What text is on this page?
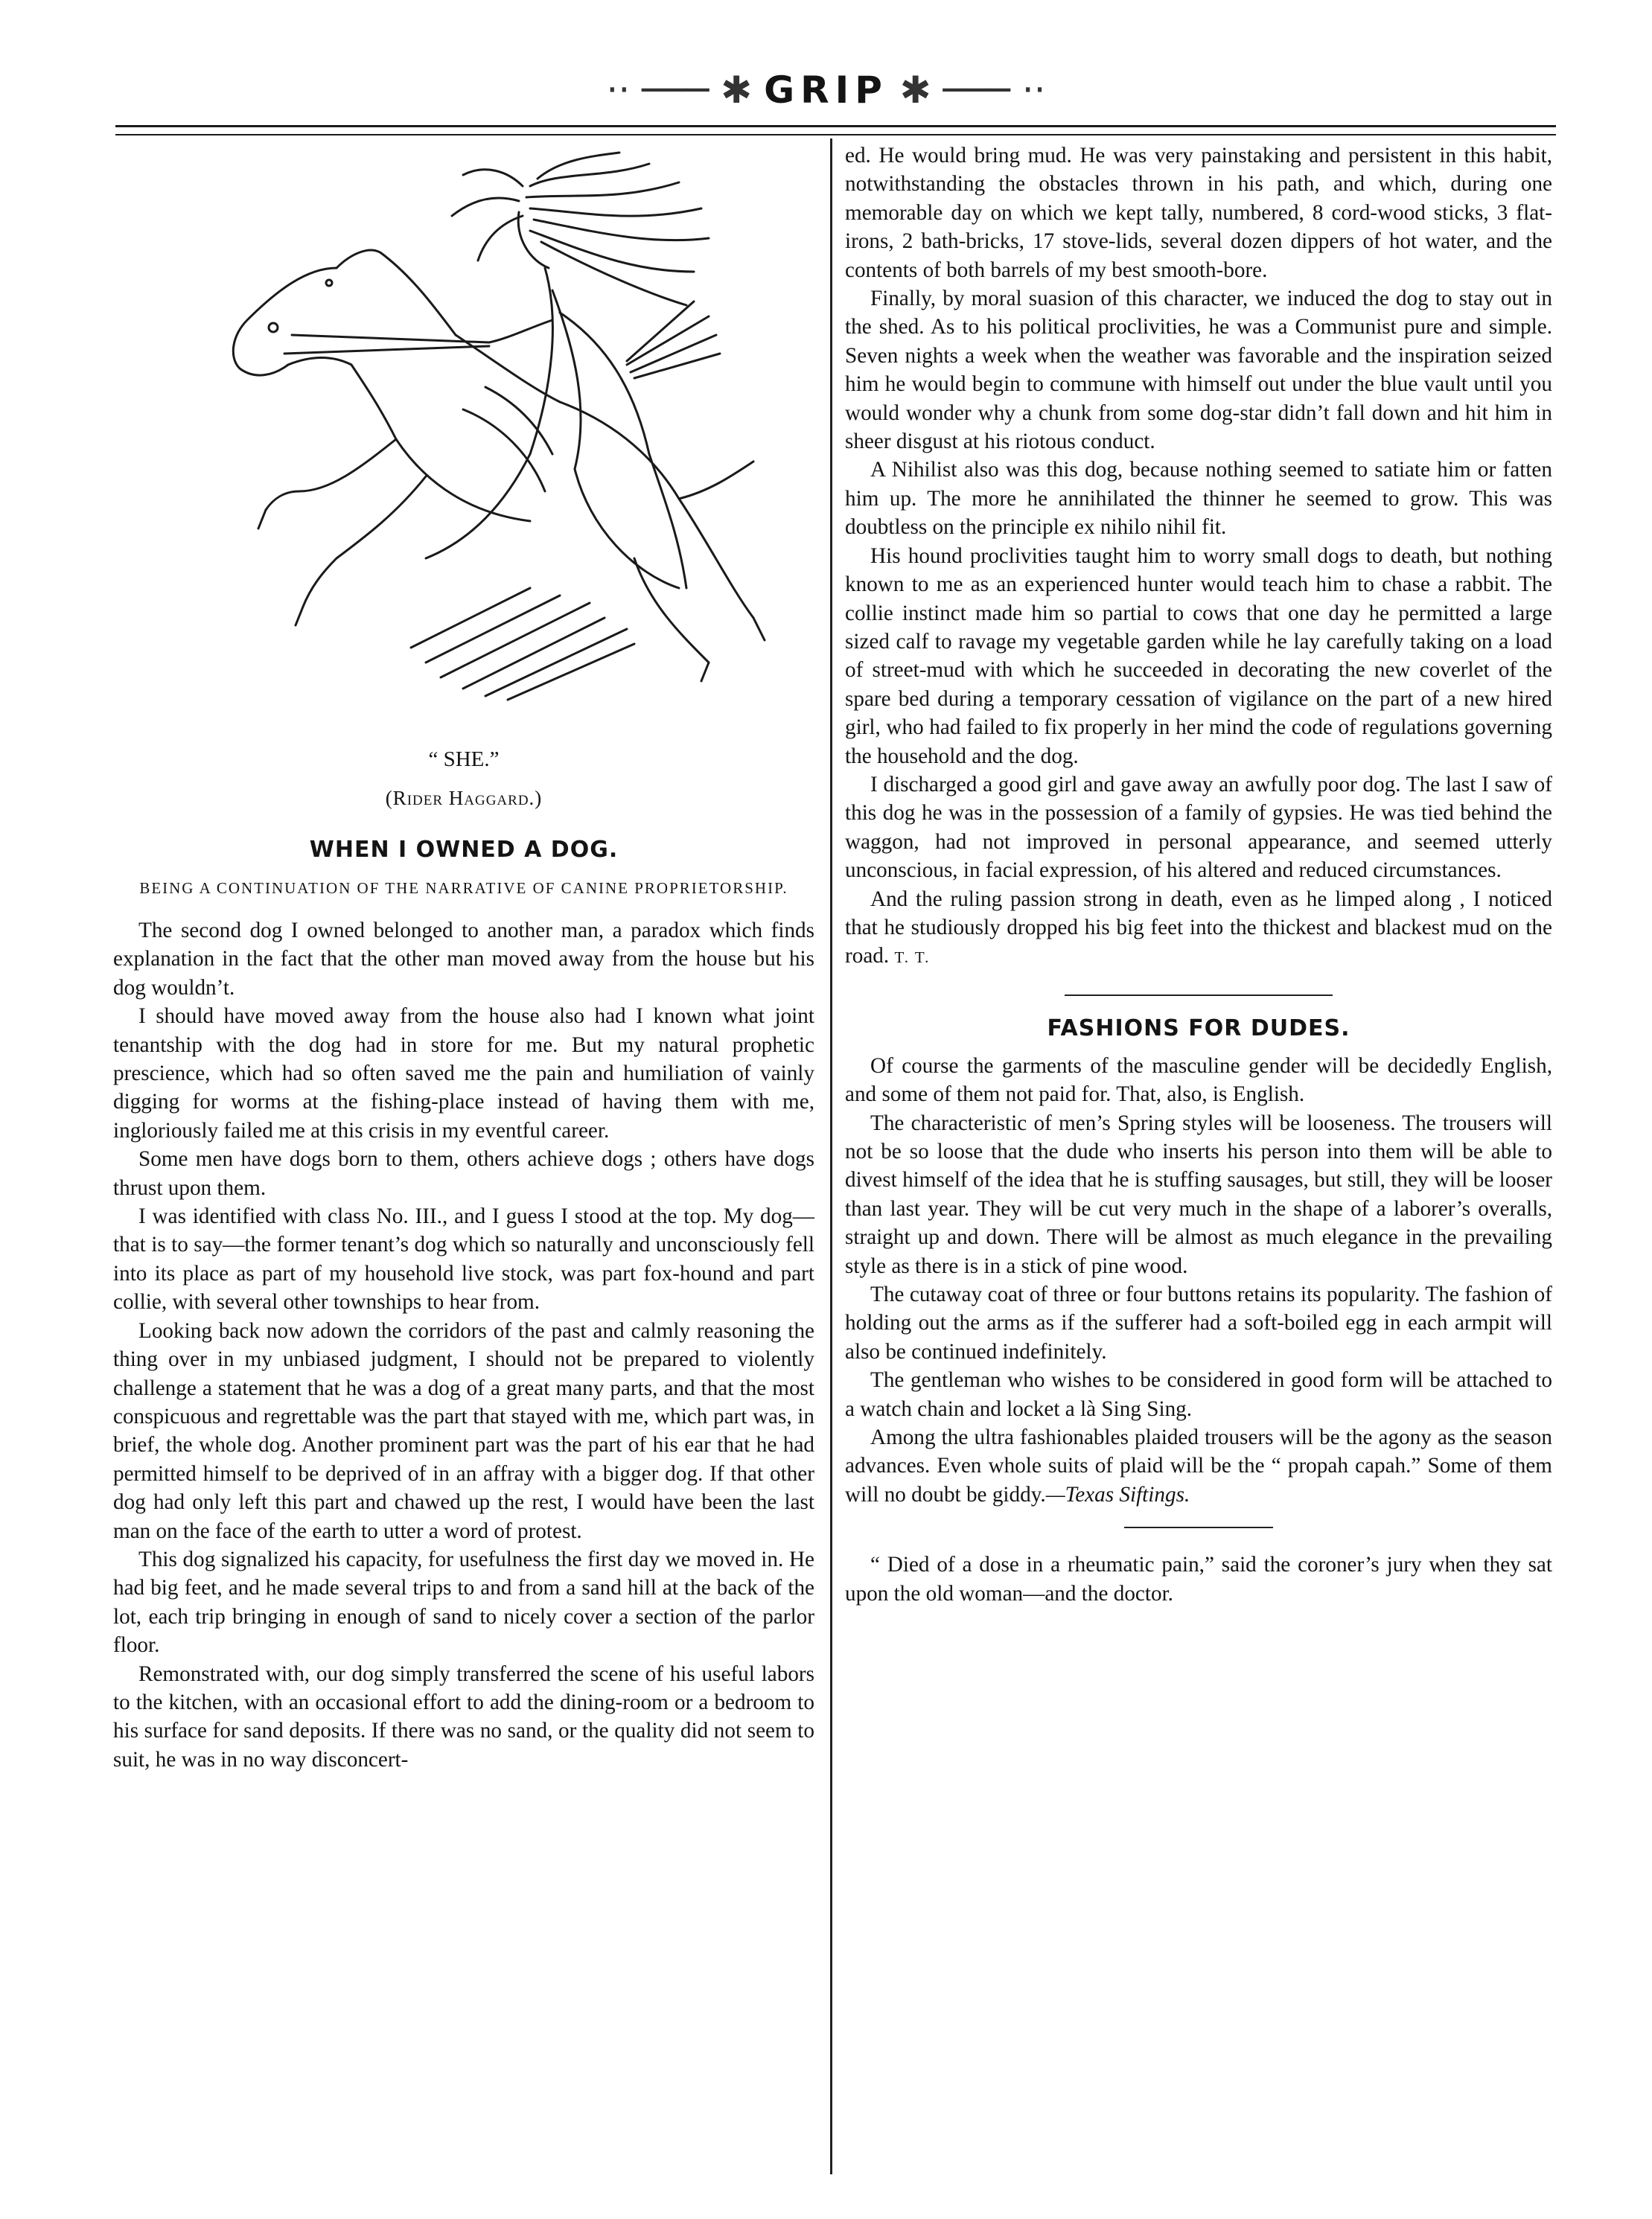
·· ─── ✱ GRIP ✱ ─── ··
“ SHE.”
(Rider Haggard.)
WHEN I OWNED A DOG.
BEING A CONTINUATION OF THE NARRATIVE OF CANINE PROPRIETORSHIP.

The second dog I owned belonged to another man, a paradox which finds explanation in the fact that the other man moved away from the house but his dog wouldn’t.

I should have moved away from the house also had I known what joint tenantship with the dog had in store for me. But my natural prophetic prescience, which had so often saved me the pain and humiliation of vainly digging for worms at the fishing-place instead of having them with me, ingloriously failed me at this crisis in my eventful career.

Some men have dogs born to them, others achieve dogs ; others have dogs thrust upon them.

I was identified with class No. III., and I guess I stood at the top. My dog—that is to say—the former tenant’s dog which so naturally and unconsciously fell into its place as part of my household live stock, was part fox-hound and part collie, with several other townships to hear from.

Looking back now adown the corridors of the past and calmly reasoning the thing over in my unbiased judgment, I should not be prepared to violently challenge a statement that he was a dog of a great many parts, and that the most conspicuous and regrettable was the part that stayed with me, which part was, in brief, the whole dog. Another prominent part was the part of his ear that he had permitted himself to be deprived of in an affray with a bigger dog. If that other dog had only left this part and chawed up the rest, I would have been the last man on the face of the earth to utter a word of protest.

This dog signalized his capacity, for usefulness the first day we moved in. He had big feet, and he made several trips to and from a sand hill at the back of the lot, each trip bringing in enough of sand to nicely cover a section of the parlor floor.

Remonstrated with, our dog simply transferred the scene of his useful labors to the kitchen, with an occasional effort to add the dining-room or a bedroom to his surface for sand deposits. If there was no sand, or the quality did not seem to suit, he was in no way disconcert-

ed. He would bring mud. He was very painstaking and persistent in this habit, notwithstanding the obstacles thrown in his path, and which, during one memorable day on which we kept tally, numbered, 8 cord-wood sticks, 3 flat-irons, 2 bath-bricks, 17 stove-lids, several dozen dippers of hot water, and the contents of both barrels of my best smooth-bore.

Finally, by moral suasion of this character, we induced the dog to stay out in the shed. As to his political proclivities, he was a Communist pure and simple. Seven nights a week when the weather was favorable and the inspiration seized him he would begin to commune with himself out under the blue vault until you would wonder why a chunk from some dog-star didn’t fall down and hit him in sheer disgust at his riotous conduct.

A Nihilist also was this dog, because nothing seemed to satiate him or fatten him up. The more he annihilated the thinner he seemed to grow. This was doubtless on the principle ex nihilo nihil fit.

His hound proclivities taught him to worry small dogs to death, but nothing known to me as an experienced hunter would teach him to chase a rabbit. The collie instinct made him so partial to cows that one day he permitted a large sized calf to ravage my vegetable garden while he lay carefully taking on a load of street-mud with which he succeeded in decorating the new coverlet of the spare bed during a temporary cessation of vigilance on the part of a new hired girl, who had failed to fix properly in her mind the code of regulations governing the household and the dog.

I discharged a good girl and gave away an awfully poor dog. The last I saw of this dog he was in the possession of a family of gypsies. He was tied behind the waggon, had not improved in personal appearance, and seemed utterly unconscious, in facial expression, of his altered and reduced circumstances.

And the ruling passion strong in death, even as he limped along , I noticed that he studiously dropped his big feet into the thickest and blackest mud on the road. T. T.

FASHIONS FOR DUDES.

Of course the garments of the masculine gender will be decidedly English, and some of them not paid for. That, also, is English.

The characteristic of men’s Spring styles will be looseness. The trousers will not be so loose that the dude who inserts his person into them will be able to divest himself of the idea that he is stuffing sausages, but still, they will be looser than last year. They will be cut very much in the shape of a laborer’s overalls, straight up and down. There will be almost as much elegance in the prevailing style as there is in a stick of pine wood.

The cutaway coat of three or four buttons retains its popularity. The fashion of holding out the arms as if the sufferer had a soft-boiled egg in each armpit will also be continued indefinitely.

The gentleman who wishes to be considered in good form will be attached to a watch chain and locket a là Sing Sing.

Among the ultra fashionables plaided trousers will be the agony as the season advances. Even whole suits of plaid will be the “ propah capah.” Some of them will no doubt be giddy.—Texas Siftings.

“ Died of a dose in a rheumatic pain,” said the coroner’s jury when they sat upon the old woman—and the doctor.
